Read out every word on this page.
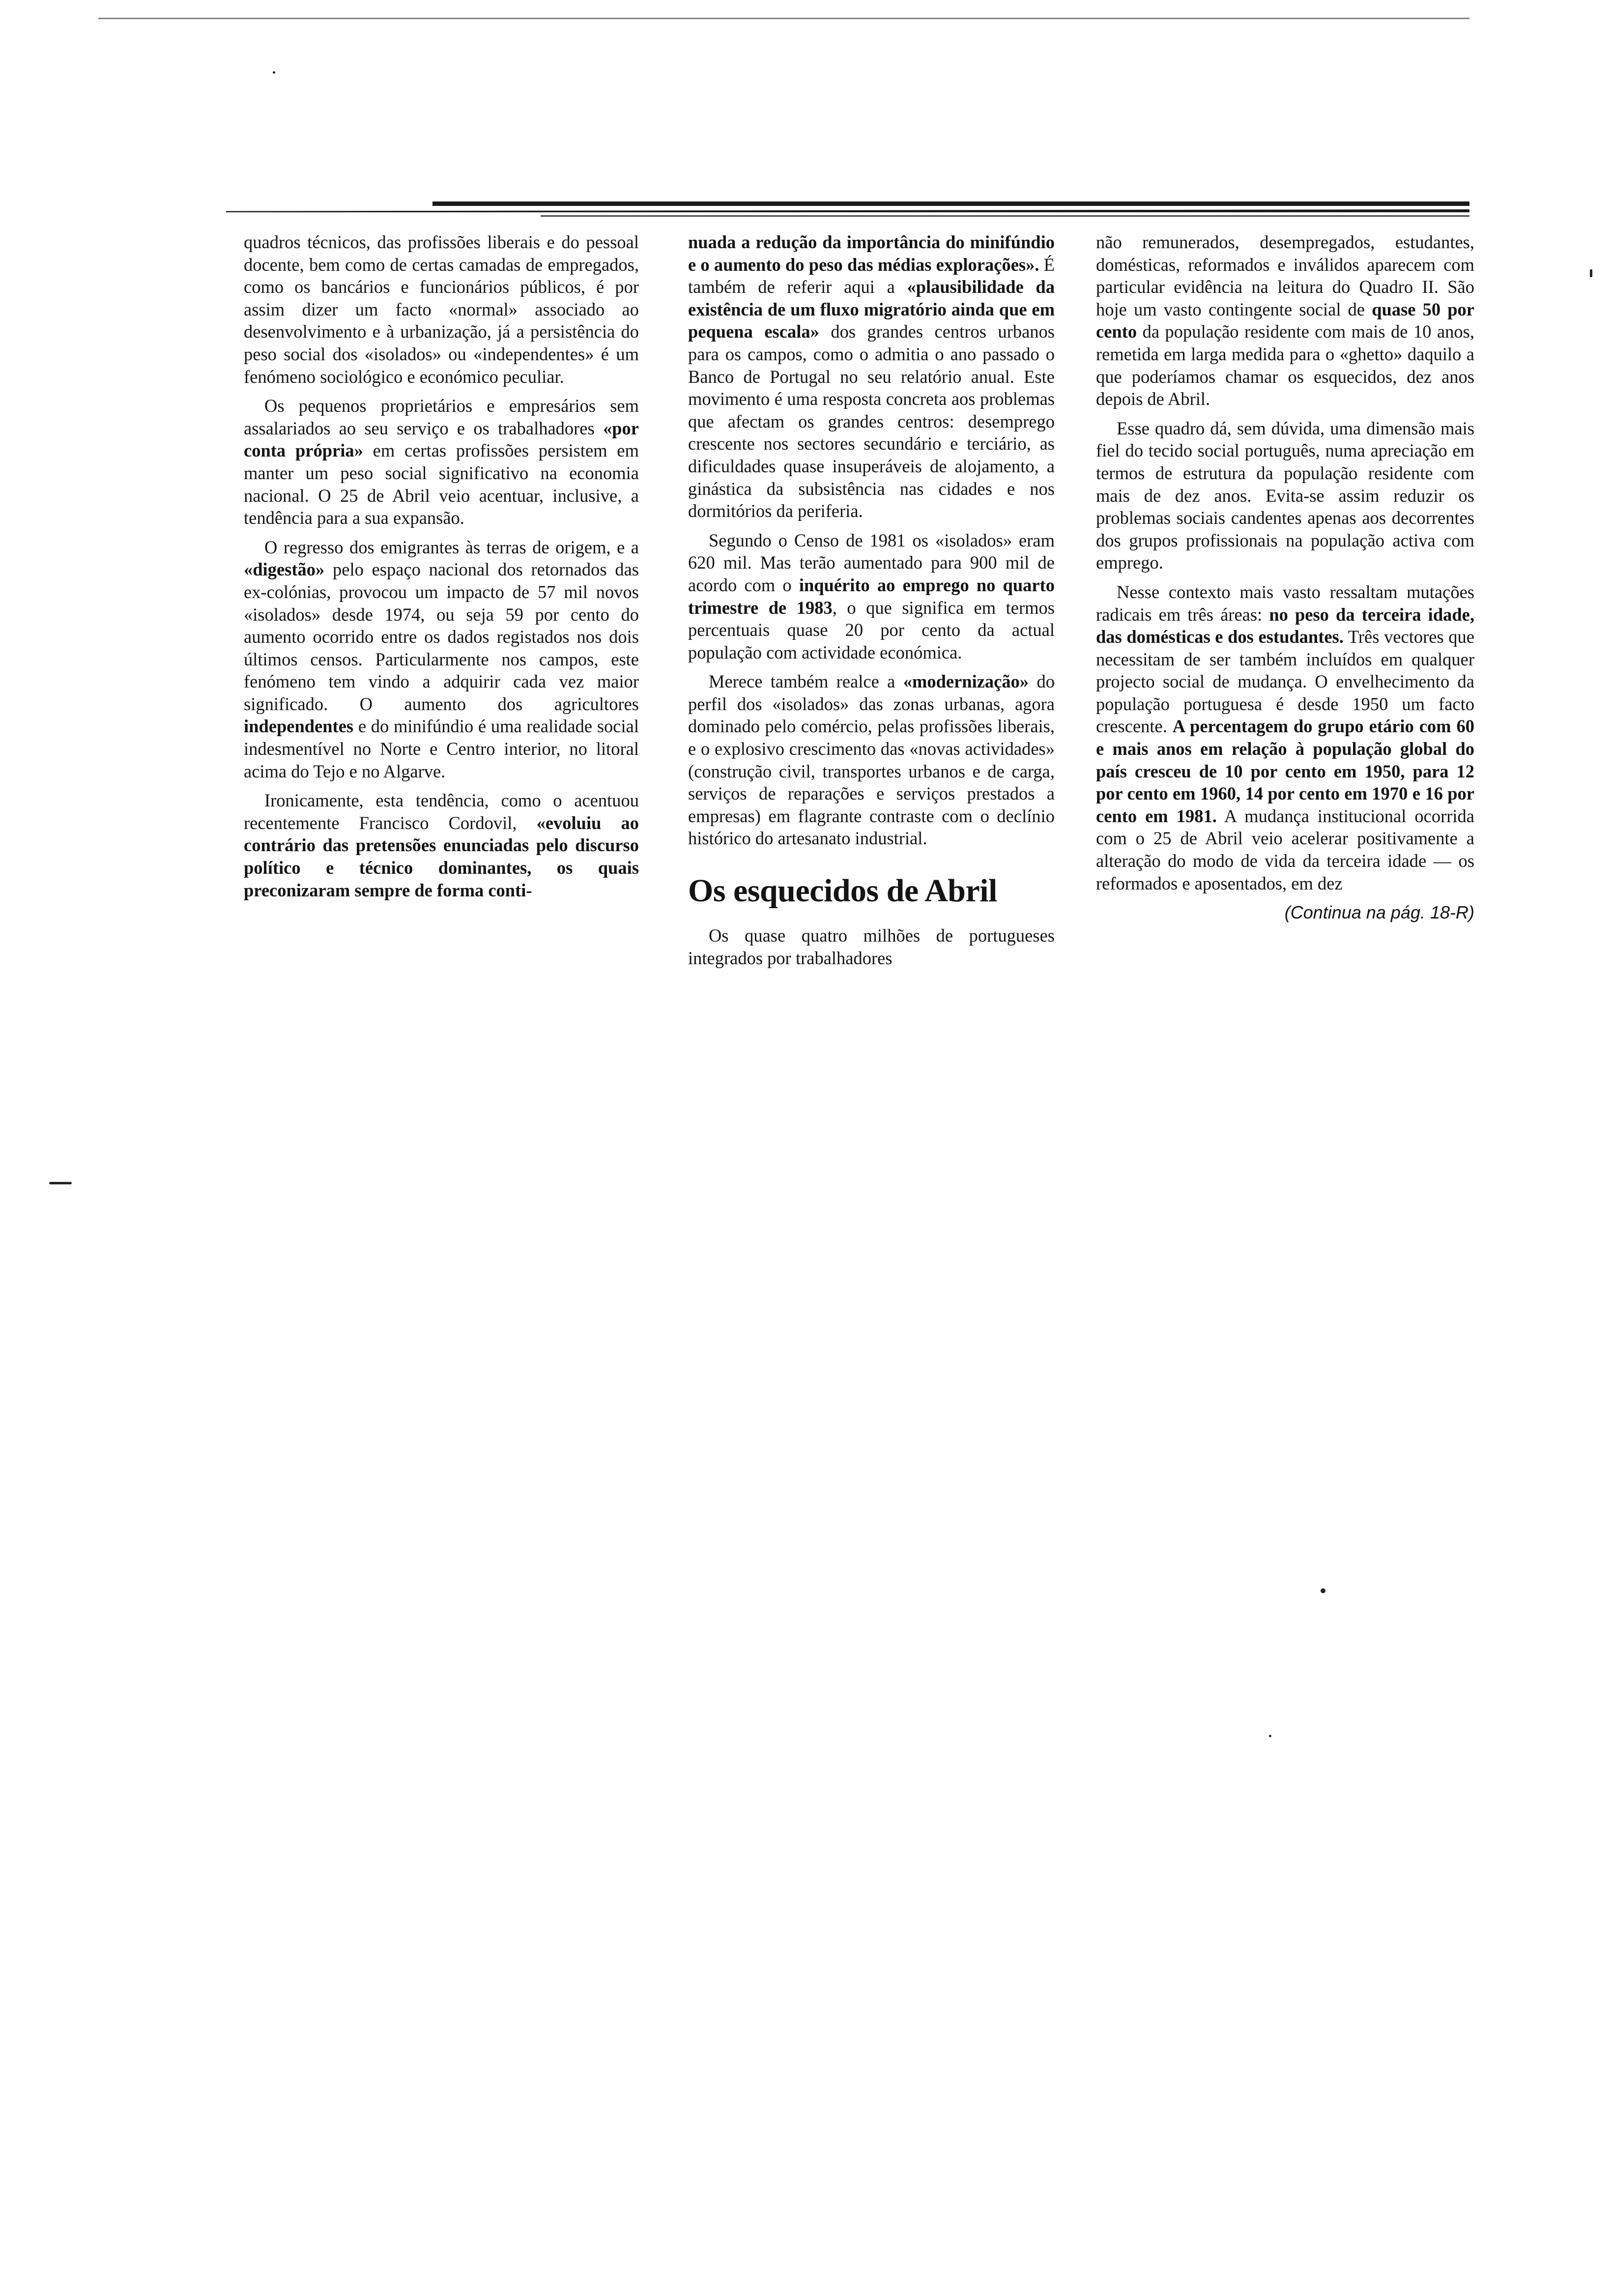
quadros técnicos, das profissões liberais e do pessoal docente, bem como de certas camadas de empregados, como os bancários e funcionários públicos, é por assim dizer um facto «normal» associado ao desenvolvimento e à urbanização, já a persistência do peso social dos «isolados» ou «independentes» é um fenómeno sociológico e económico peculiar.

Os pequenos proprietários e empresários sem assalariados ao seu serviço e os trabalhadores «por conta própria» em certas profissões persistem em manter um peso social significativo na economia nacional. O 25 de Abril veio acentuar, inclusive, a tendência para a sua expansão.

O regresso dos emigrantes às terras de origem, e a «digestão» pelo espaço nacional dos retornados das ex-colónias, provocou um impacto de 57 mil novos «isolados» desde 1974, ou seja 59 por cento do aumento ocorrido entre os dados registados nos dois últimos censos. Particularmente nos campos, este fenómeno tem vindo a adquirir cada vez maior significado. O aumento dos agricultores independentes e do minifúndio é uma realidade social indesmentível no Norte e Centro interior, no litoral acima do Tejo e no Algarve.

Ironicamente, esta tendência, como o acentuou recentemente Francisco Cordovil, «evoluiu ao contrário das pretensões enunciadas pelo discurso político e técnico dominantes, os quais preconizaram sempre de forma conti-

nuada a redução da importância do minifúndio e o aumento do peso das médias explorações». É também de referir aqui a «plausibilidade da existência de um fluxo migratório ainda que em pequena escala» dos grandes centros urbanos para os campos, como o admitia o ano passado o Banco de Portugal no seu relatório anual. Este movimento é uma resposta concreta aos problemas que afectam os grandes centros: desemprego crescente nos sectores secundário e terciário, as dificuldades quase insuperáveis de alojamento, a ginástica da subsistência nas cidades e nos dormitórios da periferia.

Segundo o Censo de 1981 os «isolados» eram 620 mil. Mas terão aumentado para 900 mil de acordo com o inquérito ao emprego no quarto trimestre de 1983, o que significa em termos percentuais quase 20 por cento da actual população com actividade económica.

Merece também realce a «modernização» do perfil dos «isolados» das zonas urbanas, agora dominado pelo comércio, pelas profissões liberais, e o explosivo crescimento das «novas actividades» (construção civil, transportes urbanos e de carga, serviços de reparações e serviços prestados a empresas) em flagrante contraste com o declínio histórico do artesanato industrial.

Os esquecidos de Abril

Os quase quatro milhões de portugueses integrados por trabalhadores

não remunerados, desempregados, estudantes, domésticas, reformados e inválidos aparecem com particular evidência na leitura do Quadro II. São hoje um vasto contingente social de quase 50 por cento da população residente com mais de 10 anos, remetida em larga medida para o «ghetto» daquilo a que poderíamos chamar os esquecidos, dez anos depois de Abril.

Esse quadro dá, sem dúvida, uma dimensão mais fiel do tecido social português, numa apreciação em termos de estrutura da população residente com mais de dez anos. Evita-se assim reduzir os problemas sociais candentes apenas aos decorrentes dos grupos profissionais na população activa com emprego.

Nesse contexto mais vasto ressaltam mutações radicais em três áreas: no peso da terceira idade, das domésticas e dos estudantes. Três vectores que necessitam de ser também incluídos em qualquer projecto social de mudança. O envelhecimento da população portuguesa é desde 1950 um facto crescente. A percentagem do grupo etário com 60 e mais anos em relação à população global do país cresceu de 10 por cento em 1950, para 12 por cento em 1960, 14 por cento em 1970 e 16 por cento em 1981. A mudança institucional ocorrida com o 25 de Abril veio acelerar positivamente a alteração do modo de vida da terceira idade — os reformados e aposentados, em dez

(Continua na pág. 18-R)
